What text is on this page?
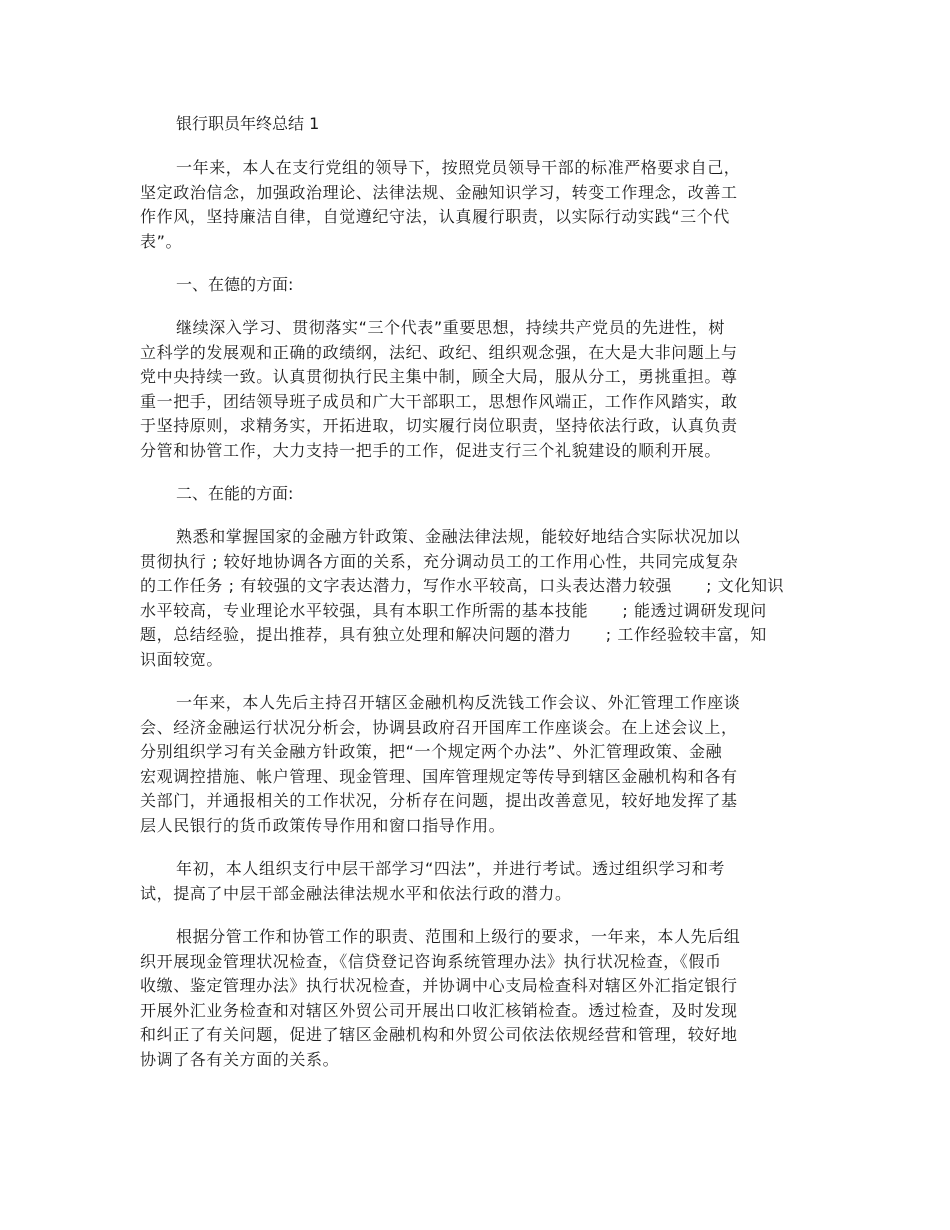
银行职员年终总结 1
一年来，本人在支行党组的领导下，按照党员领导干部的标准严格要求自己，
坚定政治信念，加强政治理论、法律法规、金融知识学习，转变工作理念，改善工
作作风，坚持廉洁自律，自觉遵纪守法，认真履行职责，以实际行动实践“三个代
表”。
一、在德的方面:
继续深入学习、贯彻落实“三个代表”重要思想，持续共产党员的先进性，树
立科学的发展观和正确的政绩纲，法纪、政纪、组织观念强，在大是大非问题上与
党中央持续一致。认真贯彻执行民主集中制，顾全大局，服从分工，勇挑重担。尊
重一把手，团结领导班子成员和广大干部职工，思想作风端正，工作作风踏实，敢
于坚持原则，求精务实，开拓进取，切实履行岗位职责，坚持依法行政，认真负责
分管和协管工作，大力支持一把手的工作，促进支行三个礼貌建设的顺利开展。
二、在能的方面:
熟悉和掌握国家的金融方针政策、金融法律法规，能较好地结合实际状况加以
贯彻执行 ; 较好地协调各方面的关系，充分调动员工的工作用心性，共同完成复杂
的工作任务 ; 有较强的文字表达潜力，写作水平较高，口头表达潜力较强      ; 文化知识
水平较高，专业理论水平较强，具有本职工作所需的基本技能      ; 能透过调研发现问
题，总结经验，提出推荐，具有独立处理和解决问题的潜力      ; 工作经验较丰富，知
识面较宽。
一年来，本人先后主持召开辖区金融机构反洗钱工作会议、外汇管理工作座谈
会、经济金融运行状况分析会，协调县政府召开国库工作座谈会。在上述会议上，
分别组织学习有关金融方针政策，把“一个规定两个办法”、外汇管理政策、金融
宏观调控措施、帐户管理、现金管理、国库管理规定等传导到辖区金融机构和各有
关部门，并通报相关的工作状况，分析存在问题，提出改善意见，较好地发挥了基
层人民银行的货币政策传导作用和窗口指导作用。
年初，本人组织支行中层干部学习“四法”，并进行考试。透过组织学习和考
试，提高了中层干部金融法律法规水平和依法行政的潜力。
根据分管工作和协管工作的职责、范围和上级行的要求，一年来，本人先后组
织开展现金管理状况检查，《信贷登记咨询系统管理办法》执行状况检查，《假币
收缴、鉴定管理办法》执行状况检查，并协调中心支局检查科对辖区外汇指定银行
开展外汇业务检查和对辖区外贸公司开展出口收汇核销检查。透过检查，及时发现
和纠正了有关问题，促进了辖区金融机构和外贸公司依法依规经营和管理，较好地
协调了各有关方面的关系。
